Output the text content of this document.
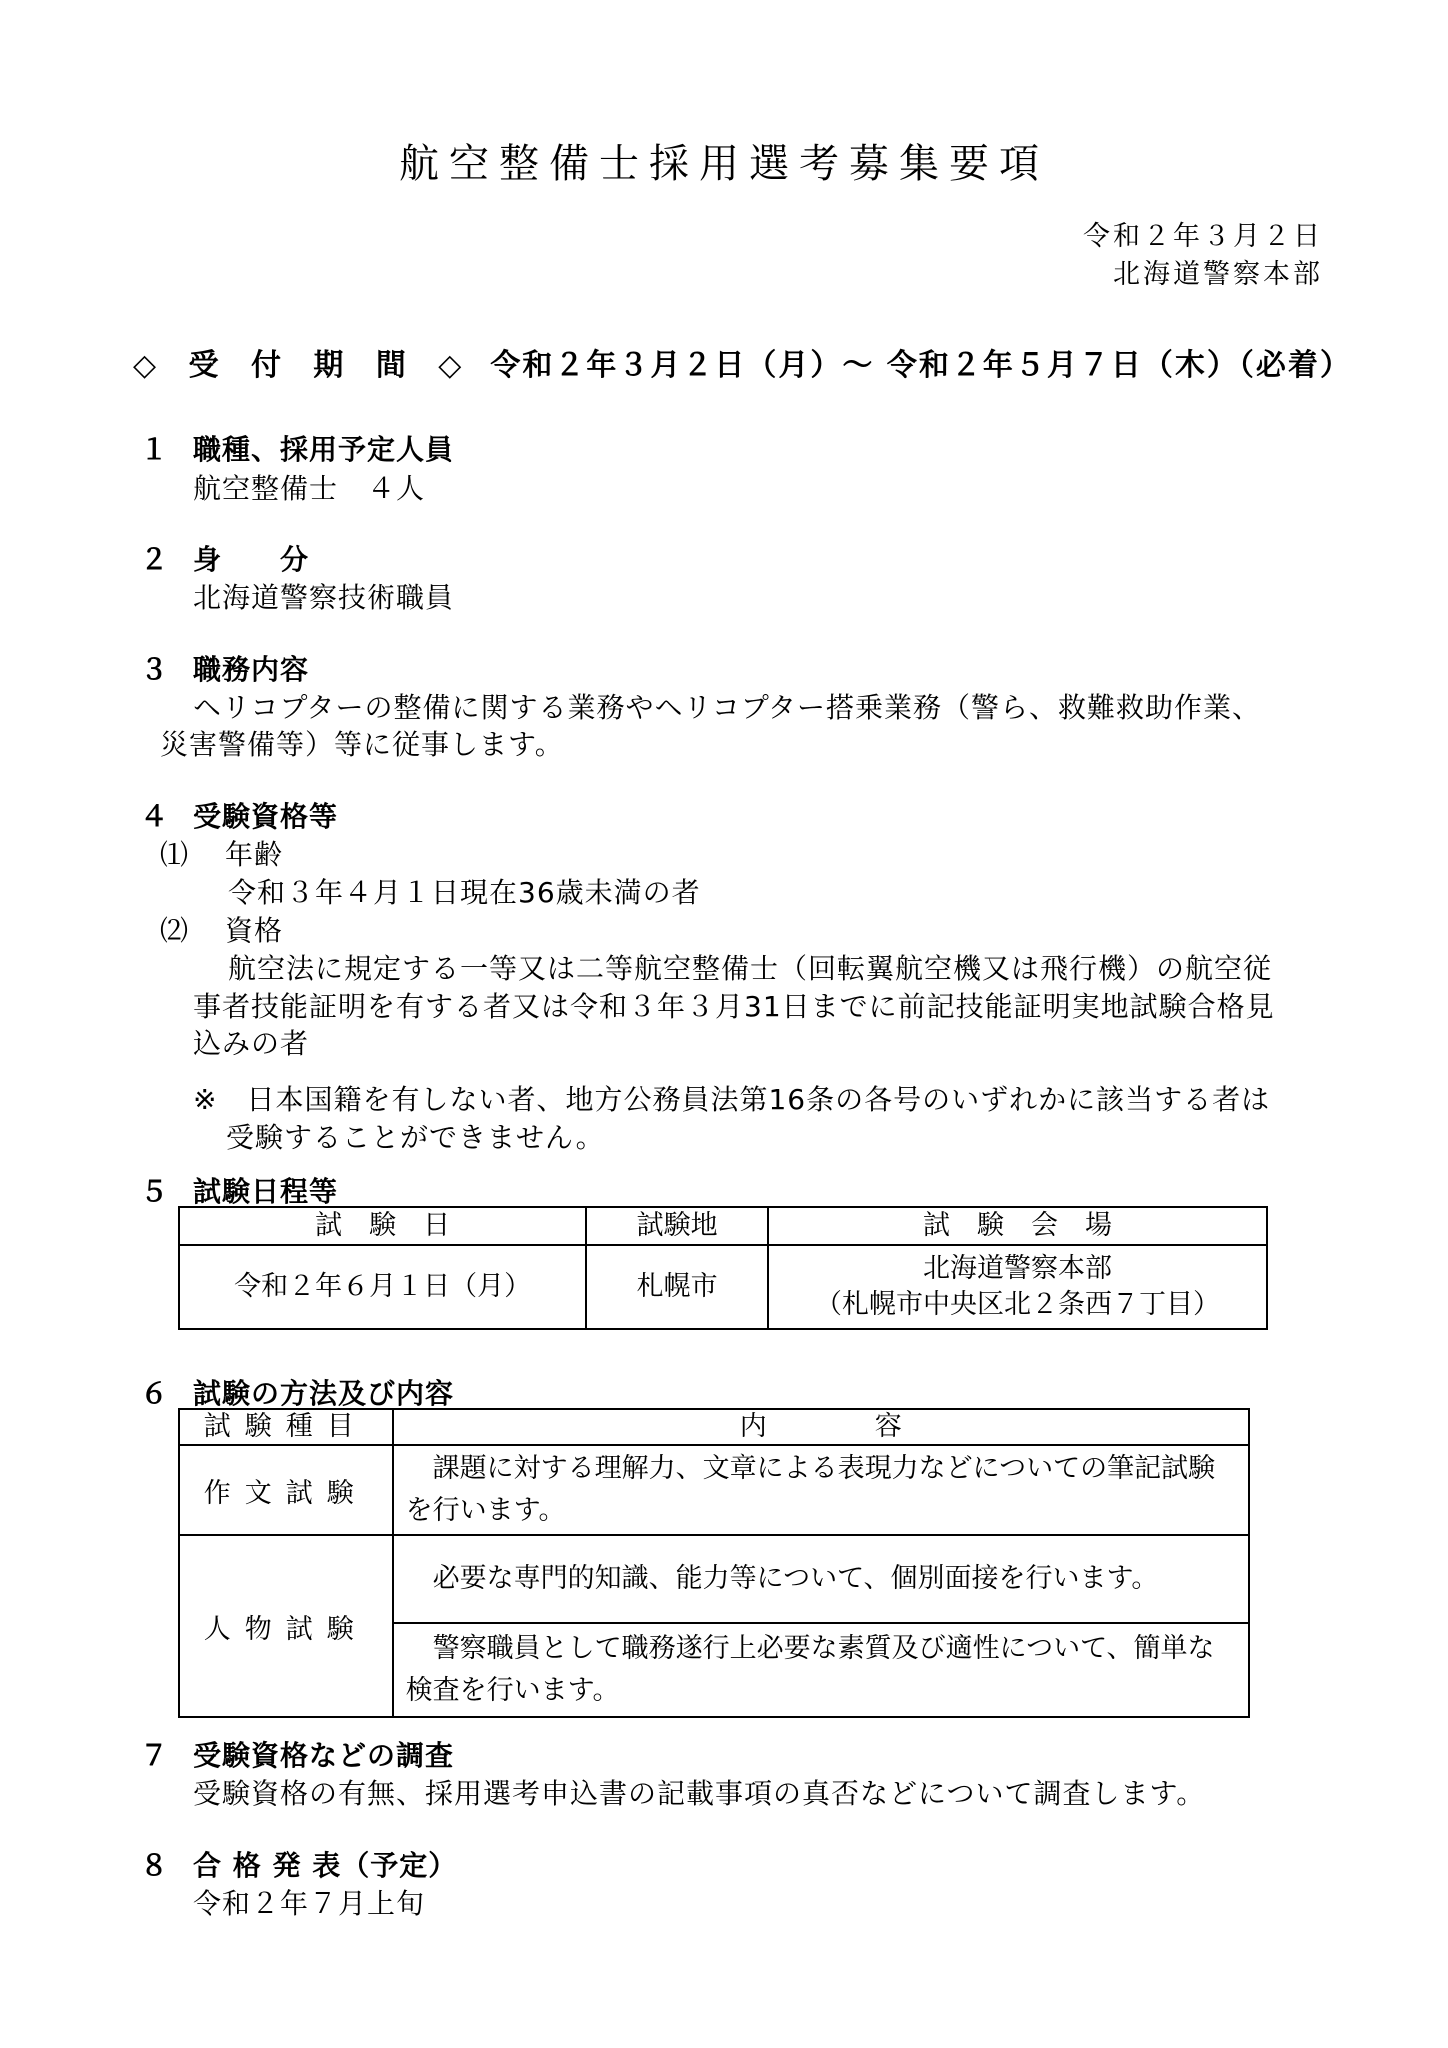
航空整備士採用選考募集要項
令和２年３月２日
北海道警察本部
◇ 受 付 期 間 ◇ 令和２年３月２日（月）～ 令和２年５月７日（木）（必着）
１ 職種、採用予定人員
航空整備士　４人
２ 身　　分
北海道警察技術職員
３ 職務内容
ヘリコプターの整備に関する業務やヘリコプター搭乗業務（警ら、救難救助作業、
災害警備等）等に従事します。
４ 受験資格等
⑴ 年齢
令和３年４月１日現在36歳未満の者
⑵ 資格
航空法に規定する一等又は二等航空整備士（回転翼航空機又は飛行機）の航空従
事者技能証明を有する者又は令和３年３月31日までに前記技能証明実地試験合格見
込みの者
※　日本国籍を有しない者、地方公務員法第16条の各号のいずれかに該当する者は
受験することができません。
５ 試験日程等
試　験　日	試験地	試　験　会　場
令和２年６月１日（月）	札幌市	北海道警察本部
（札幌市中央区北２条西７丁目）
６ 試験の方法及び内容
試験種目	内　　　　容
作文試験	　課題に対する理解力、文章による表現力などについての筆記試験を行います。
人物試験	　必要な専門的知識、能力等について、個別面接を行います。
	　警察職員として職務遂行上必要な素質及び適性について、簡単な検査を行います。
７ 受験資格などの調査
受験資格の有無、採用選考申込書の記載事項の真否などについて調査します。
８ 合 格 発 表（予定）
令和２年７月上旬
